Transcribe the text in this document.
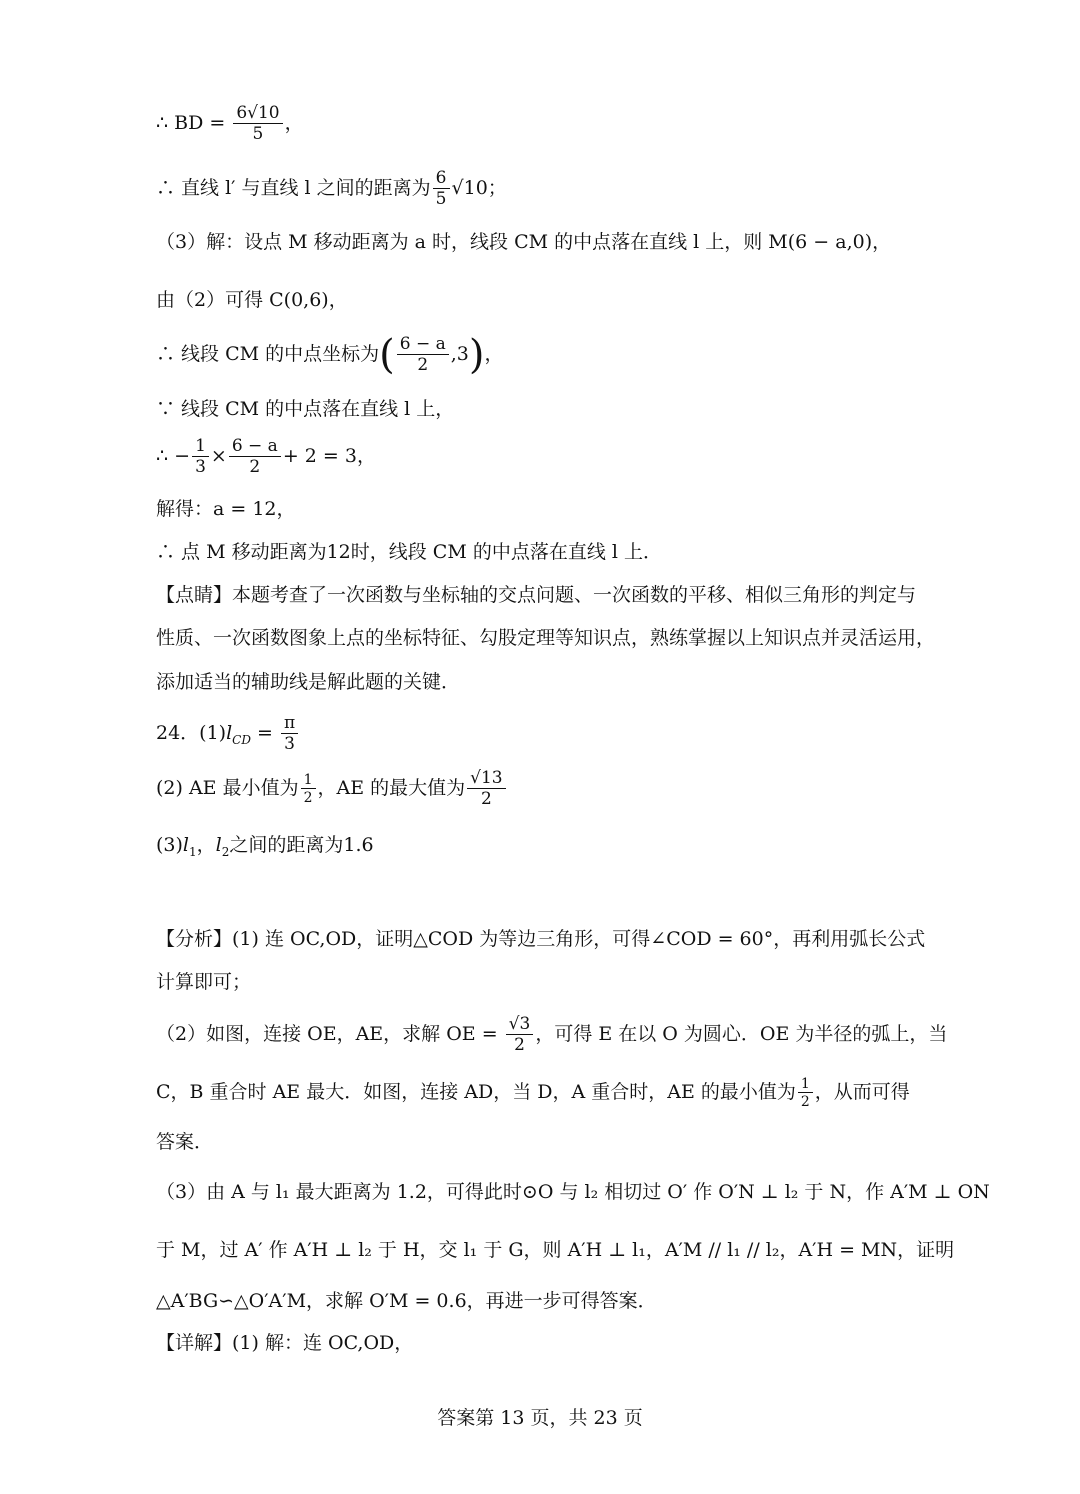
∴ BD = $\frac{6√10}{5}$ ，
∴ 直线 l′ 与直线 l 之间的距离为 $\frac{6}{5} √10$；
（3）解：设点 M 移动距离为 a 时，线段 CM 的中点落在直线 l 上，则 M(6 − a,0)，
由（2）可得 C(0,6)，
∴ 线段 CM 的中点坐标为( $\frac{6 - a}{2} ,3$)，
∵ 线段 CM 的中点落在直线 l 上，
∴ − $\frac{1}{3} \times \frac{6 - a}{2} + 2 = 3$，
解得：a = 12，
∴ 点 M 移动距离为12时，线段 CM 的中点落在直线 l 上．
【点睛】本题考查了一次函数与坐标轴的交点问题、一次函数的平移、相似三角形的判定与
性质、一次函数图象上点的坐标特征、勾股定理等知识点，熟练掌握以上知识点并灵活运用，
添加适当的辅助线是解此题的关键．
24．$(1)l_{CD} = \frac{\pi}{3}$
(2) AE 最小值为 $\frac{1}{2}$ ，AE 的最大值为 $\frac{√13}{2}$
$(3)l_1$，$l_2$之间的距离为1.6
【分析】(1) 连 OC,OD，证明△COD 为等边三角形，可得∠COD = 60°，再利用弧长公式
计算即可；
（2）如图，连接 OE，AE，求解 OE = $\frac{√3}{2}$ ，可得 E 在以 O 为圆心．OE 为半径的弧上，当
C，B 重合时 AE 最大．如图，连接 AD，当 D，A 重合时，AE 的最小值为 $\frac{1}{2}$ ，从而可得
答案．
（3）由 A 与 l₁ 最大距离为 1.2，可得此时⊙O 与 l₂ 相切过 O′ 作 O′N ⊥ l₂ 于 N，作 A′M ⊥ ON
于 M，过 A′ 作 A′H ⊥ l₂ 于 H，交 l₁ 于 G，则 A′H ⊥ l₁，A′M // l₁ // l₂，A′H = MN，证明
△A′BG∽△O′A′M，求解 O′M = 0.6，再进一步可得答案．
【详解】(1) 解：连 OC,OD，
答案第 13 页，共 23 页
